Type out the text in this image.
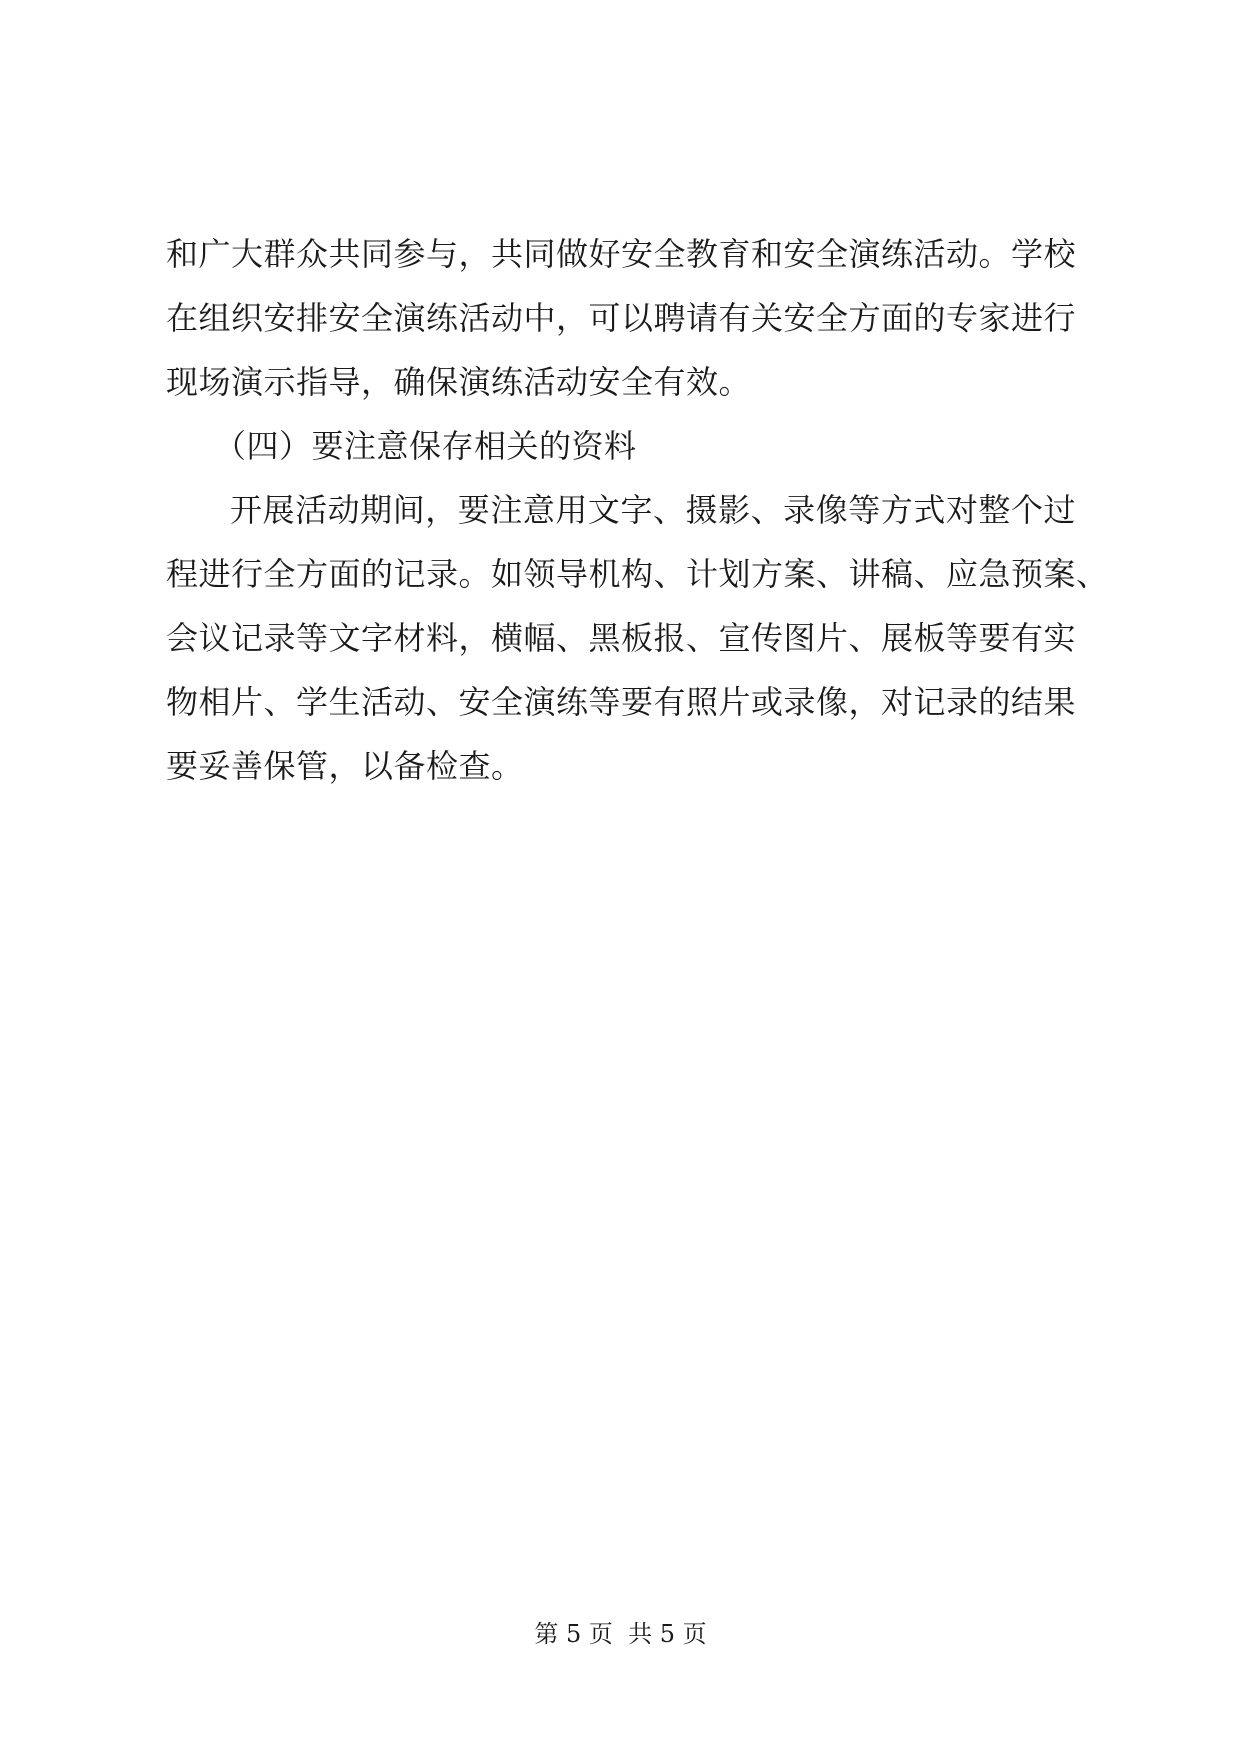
和广大群众共同参与，共同做好安全教育和安全演练活动。学校
在组织安排安全演练活动中，可以聘请有关安全方面的专家进行
现场演示指导，确保演练活动安全有效。
（四）要注意保存相关的资料
开展活动期间，要注意用文字、摄影、录像等方式对整个过
程进行全方面的记录。如领导机构、计划方案、讲稿、应急预案、
会议记录等文字材料，横幅、黑板报、宣传图片、展板等要有实
物相片、学生活动、安全演练等要有照片或录像，对记录的结果
要妥善保管，以备检查。
第 5 页  共 5 页
